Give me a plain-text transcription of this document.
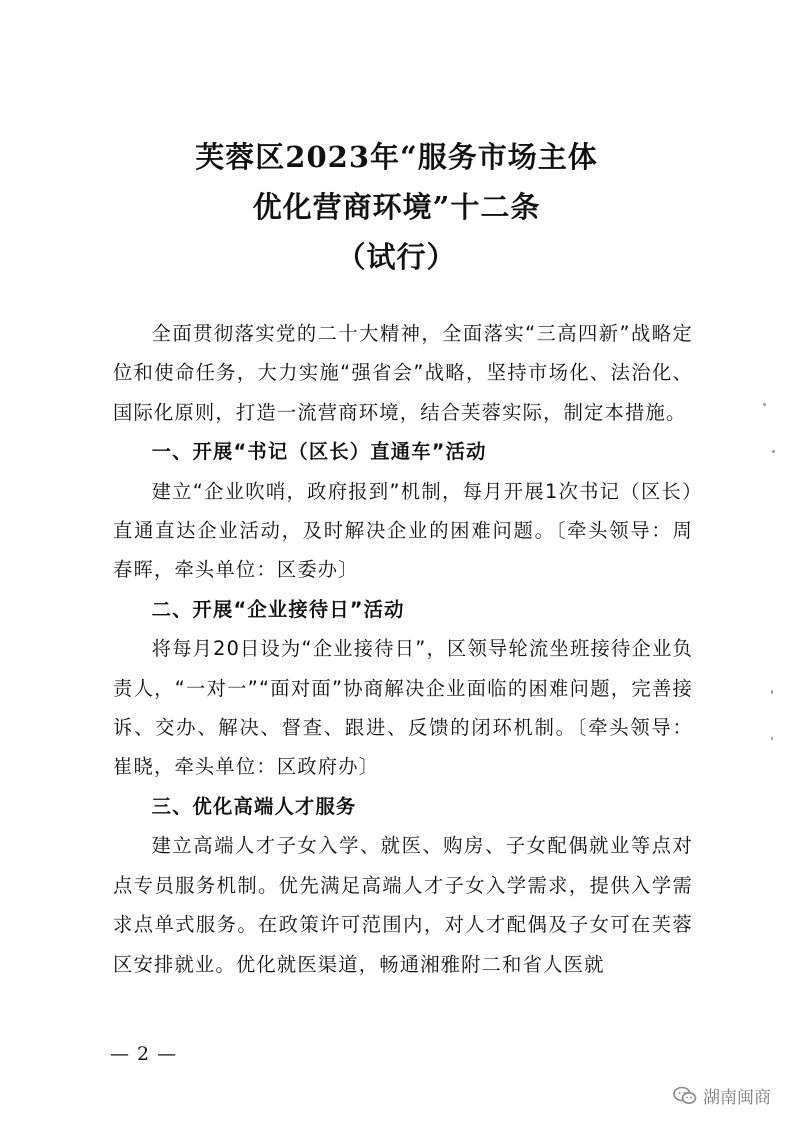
芙蓉区2023年“服务市场主体
优化营商环境”十二条
（试行）

全面贯彻落实党的二十大精神，全面落实“三高四新”战略定位和使命任务，大力实施“强省会”战略，坚持市场化、法治化、国际化原则，打造一流营商环境，结合芙蓉实际，制定本措施。

一、开展“书记（区长）直通车”活动

建立“企业吹哨，政府报到”机制，每月开展1次书记（区长）直通直达企业活动，及时解决企业的困难问题。〔牵头领导：周春晖，牵头单位：区委办〕

二、开展“企业接待日”活动

将每月20日设为“企业接待日”，区领导轮流坐班接待企业负责人，“一对一”“面对面”协商解决企业面临的困难问题，完善接诉、交办、解决、督查、跟进、反馈的闭环机制。〔牵头领导：崔晓，牵头单位：区政府办〕

三、优化高端人才服务

建立高端人才子女入学、就医、购房、子女配偶就业等点对点专员服务机制。优先满足高端人才子女入学需求，提供入学需求点单式服务。在政策许可范围内，对人才配偶及子女可在芙蓉区安排就业。优化就医渠道，畅通湘雅附二和省人医就

— 2 —
湖南闽商
